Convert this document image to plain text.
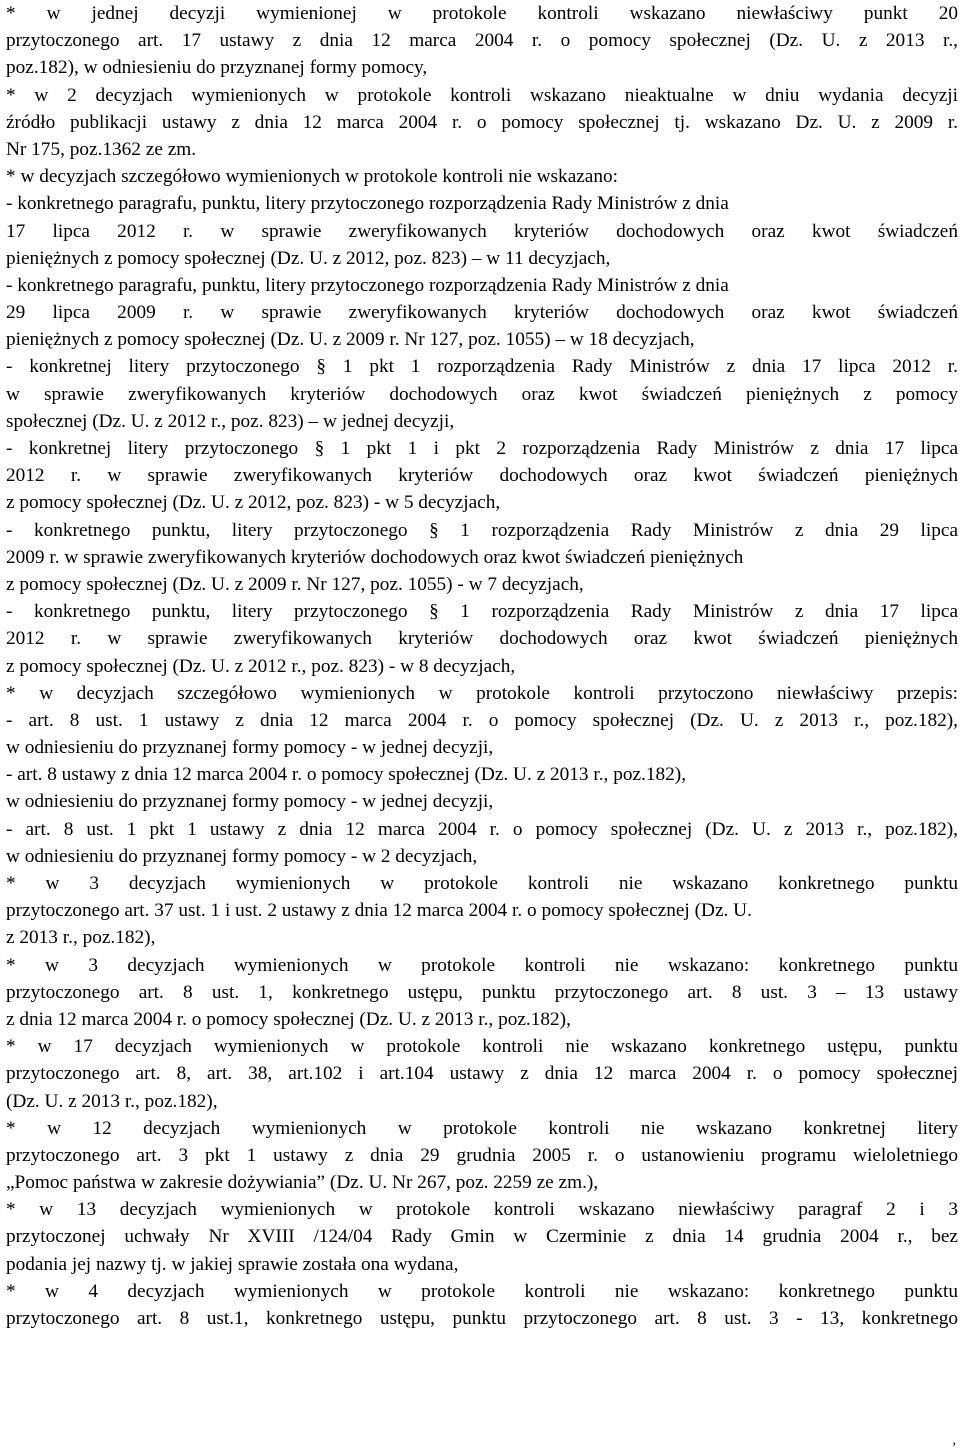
* w jednej decyzji wymienionej w protokole kontroli wskazano niewłaściwy punkt 20
przytoczonego art. 17 ustawy z dnia 12 marca 2004 r. o pomocy społecznej (Dz. U. z 2013 r.,
poz.182), w odniesieniu do przyznanej formy pomocy,
* w 2 decyzjach wymienionych w protokole kontroli wskazano nieaktualne w dniu wydania decyzji
źródło publikacji ustawy z dnia 12 marca 2004 r. o pomocy społecznej tj. wskazano Dz. U. z 2009 r.
Nr 175, poz.1362 ze zm.
* w decyzjach szczegółowo wymienionych w protokole kontroli nie wskazano:
- konkretnego paragrafu, punktu, litery przytoczonego rozporządzenia Rady Ministrów z dnia
17 lipca 2012 r. w sprawie zweryfikowanych kryteriów dochodowych oraz kwot świadczeń
pieniężnych z pomocy społecznej (Dz. U. z 2012, poz. 823) – w 11 decyzjach,
- konkretnego paragrafu, punktu, litery przytoczonego rozporządzenia Rady Ministrów z dnia
29 lipca 2009 r. w sprawie zweryfikowanych kryteriów dochodowych oraz kwot świadczeń
pieniężnych z pomocy społecznej (Dz. U. z 2009 r. Nr 127, poz. 1055) – w 18 decyzjach,
- konkretnej litery przytoczonego § 1 pkt 1 rozporządzenia Rady Ministrów z dnia 17 lipca 2012 r.
w sprawie zweryfikowanych kryteriów dochodowych oraz kwot świadczeń pieniężnych z pomocy
społecznej (Dz. U. z 2012 r., poz. 823) – w jednej decyzji,
- konkretnej litery przytoczonego § 1 pkt 1 i pkt 2 rozporządzenia Rady Ministrów z dnia 17 lipca
2012 r. w sprawie zweryfikowanych kryteriów dochodowych oraz kwot świadczeń pieniężnych
z pomocy społecznej (Dz. U. z 2012, poz. 823) - w 5 decyzjach,
- konkretnego punktu, litery przytoczonego § 1 rozporządzenia Rady Ministrów z dnia 29 lipca
2009 r. w sprawie zweryfikowanych kryteriów dochodowych oraz kwot świadczeń pieniężnych
z pomocy społecznej (Dz. U. z 2009 r. Nr 127, poz. 1055) - w 7 decyzjach,
- konkretnego punktu, litery przytoczonego § 1 rozporządzenia Rady Ministrów z dnia 17 lipca
2012 r. w sprawie zweryfikowanych kryteriów dochodowych oraz kwot świadczeń pieniężnych
z pomocy społecznej (Dz. U. z 2012 r., poz. 823) - w 8 decyzjach,
* w decyzjach szczegółowo wymienionych w protokole kontroli przytoczono niewłaściwy przepis:
- art. 8 ust. 1 ustawy z dnia 12 marca 2004 r. o pomocy społecznej (Dz. U. z 2013 r., poz.182),
w odniesieniu do przyznanej formy pomocy - w jednej decyzji,
- art. 8 ustawy z dnia 12 marca 2004 r. o pomocy społecznej (Dz. U. z 2013 r., poz.182),
w odniesieniu do przyznanej formy pomocy - w jednej decyzji,
- art. 8 ust. 1 pkt 1 ustawy z dnia 12 marca 2004 r. o pomocy społecznej (Dz. U. z 2013 r., poz.182),
w odniesieniu do przyznanej formy pomocy - w 2 decyzjach,
* w 3 decyzjach wymienionych w protokole kontroli nie wskazano konkretnego punktu
przytoczonego art. 37 ust. 1 i ust. 2 ustawy z dnia 12 marca 2004 r. o pomocy społecznej (Dz. U.
z 2013 r., poz.182),
* w 3 decyzjach wymienionych w protokole kontroli nie wskazano: konkretnego punktu
przytoczonego art. 8 ust. 1, konkretnego ustępu, punktu przytoczonego art. 8 ust. 3 – 13 ustawy
z dnia 12 marca 2004 r. o pomocy społecznej (Dz. U. z 2013 r., poz.182),
* w 17 decyzjach wymienionych w protokole kontroli nie wskazano konkretnego ustępu, punktu
przytoczonego art. 8, art. 38, art.102 i art.104 ustawy z dnia 12 marca 2004 r. o pomocy społecznej
(Dz. U. z 2013 r., poz.182),
* w 12 decyzjach wymienionych w protokole kontroli nie wskazano konkretnej litery
przytoczonego art. 3 pkt 1 ustawy z dnia 29 grudnia 2005 r. o ustanowieniu programu wieloletniego
„Pomoc państwa w zakresie dożywiania” (Dz. U. Nr 267, poz. 2259 ze zm.),
* w 13 decyzjach wymienionych w protokole kontroli wskazano niewłaściwy paragraf 2 i 3
przytoczonej uchwały Nr XVIII /124/04 Rady Gmin w Czerminie z dnia 14 grudnia 2004 r., bez
podania jej nazwy tj. w jakiej sprawie została ona wydana,
* w 4 decyzjach wymienionych w protokole kontroli nie wskazano: konkretnego punktu
przytoczonego art. 8 ust.1, konkretnego ustępu, punktu przytoczonego art. 8 ust. 3 - 13, konkretnego
,
